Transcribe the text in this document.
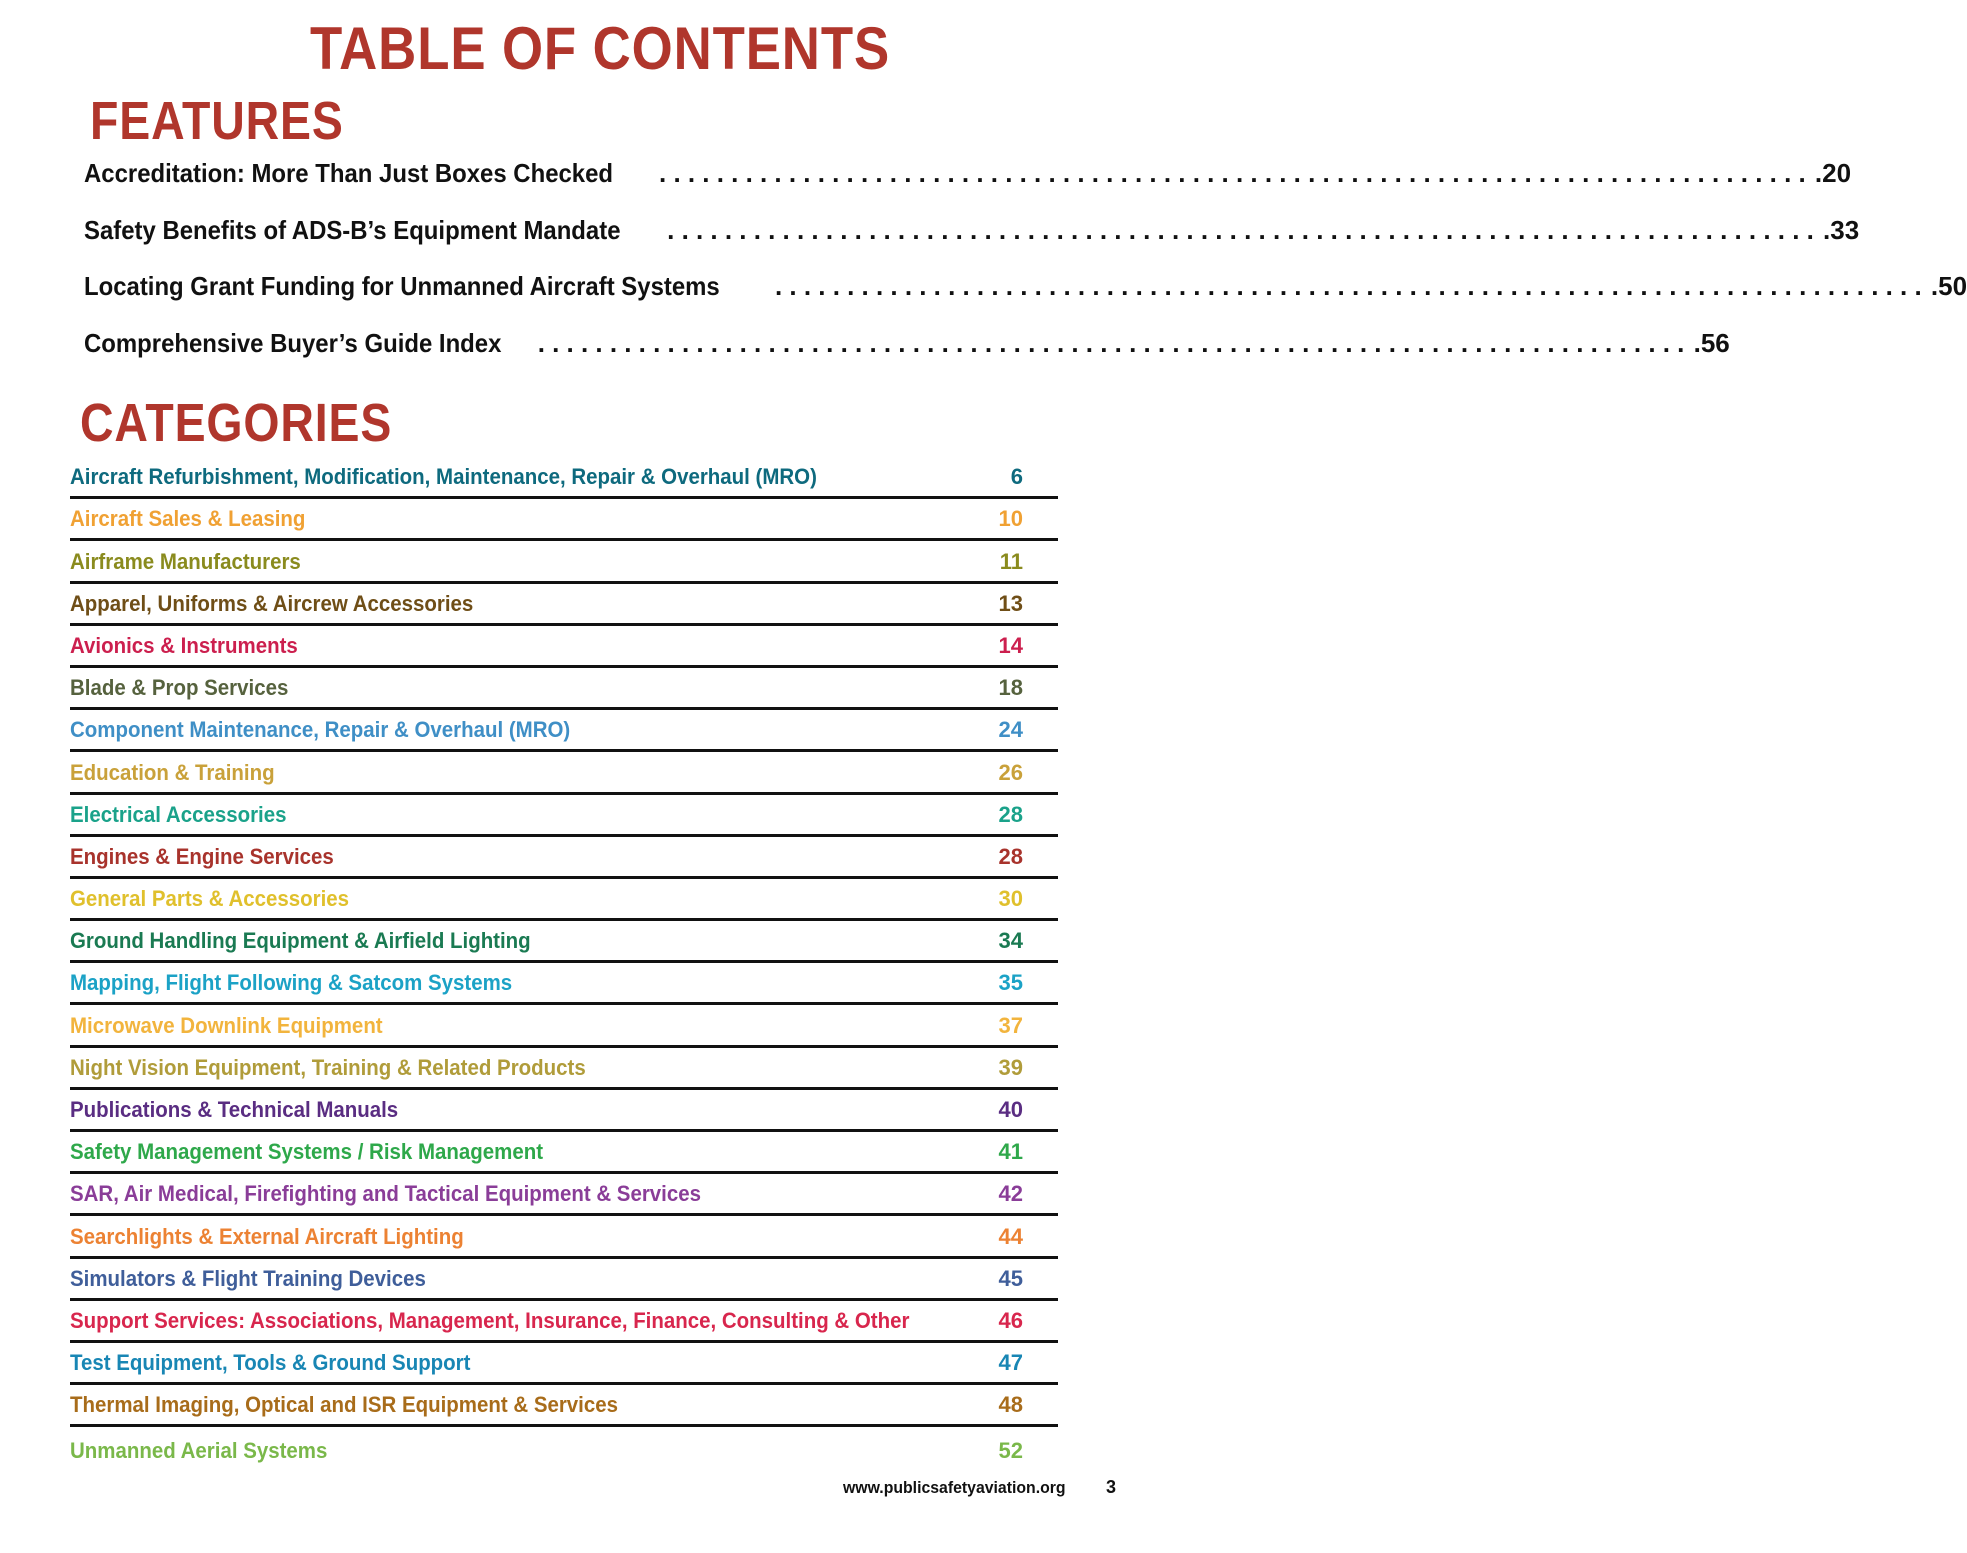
TABLE OF CONTENTS
FEATURES
Accreditation: More Than Just Boxes Checked ................................................................................ .20
Safety Benefits of ADS-B’s Equipment Mandate ................................................................................ .33
Locating Grant Funding for Unmanned Aircraft Systems ................................................................................ .50
Comprehensive Buyer’s Guide Index ................................................................................ .56
CATEGORIES
Aircraft Refurbishment, Modification, Maintenance, Repair & Overhaul (MRO)	6
Aircraft Sales & Leasing	10
Airframe Manufacturers	11
Apparel, Uniforms & Aircrew Accessories	13
Avionics & Instruments	14
Blade & Prop Services	18
Component Maintenance, Repair & Overhaul (MRO)	24
Education & Training	26
Electrical Accessories	28
Engines & Engine Services	28
General Parts & Accessories	30
Ground Handling Equipment & Airfield Lighting	34
Mapping, Flight Following & Satcom Systems	35
Microwave Downlink Equipment	37
Night Vision Equipment, Training & Related Products	39
Publications & Technical Manuals	40
Safety Management Systems / Risk Management	41
SAR, Air Medical, Firefighting and Tactical Equipment & Services	42
Searchlights & External Aircraft Lighting	44
Simulators & Flight Training Devices	45
Support Services: Associations, Management, Insurance, Finance, Consulting & Other	46
Test Equipment, Tools & Ground Support	47
Thermal Imaging, Optical and ISR Equipment & Services	48
Unmanned Aerial Systems	52
www.publicsafetyaviation.org 3
